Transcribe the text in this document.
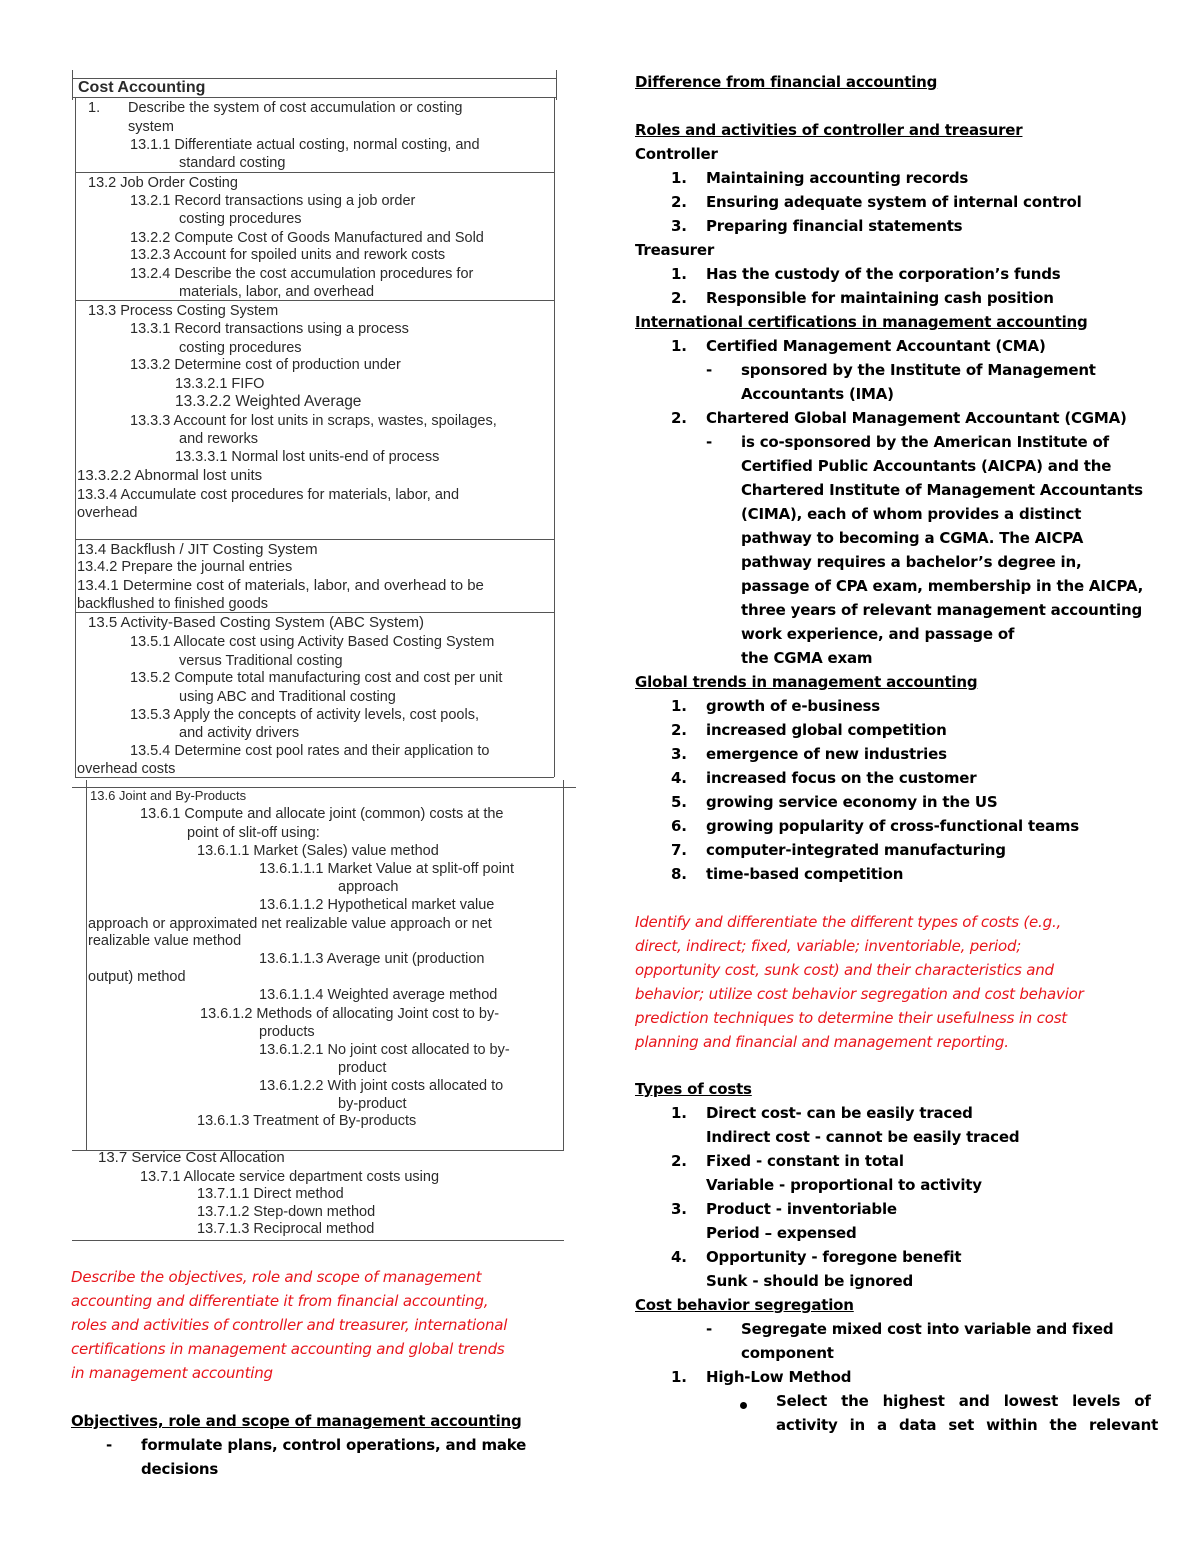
Cost Accounting
1. Describe the system of cost accumulation or costing
system
13.1.1 Differentiate actual costing, normal costing, and
standard costing
13.2 Job Order Costing
13.2.1 Record transactions using a job order
costing procedures
13.2.2 Compute Cost of Goods Manufactured and Sold
13.2.3 Account for spoiled units and rework costs
13.2.4 Describe the cost accumulation procedures for
materials, labor, and overhead
13.3 Process Costing System
13.3.1 Record transactions using a process
costing procedures
13.3.2 Determine cost of production under
13.3.2.1 FIFO
13.3.2.2 Weighted Average
13.3.3 Account for lost units in scraps, wastes, spoilages,
and reworks
13.3.3.1 Normal lost units-end of process
13.3.2.2 Abnormal lost units
13.3.4 Accumulate cost procedures for materials, labor, and
overhead
13.4 Backflush / JIT Costing System
13.4.2 Prepare the journal entries
13.4.1 Determine cost of materials, labor, and overhead to be
backflushed to finished goods
13.5 Activity-Based Costing System (ABC System)
13.5.1 Allocate cost using Activity Based Costing System
versus Traditional costing
13.5.2 Compute total manufacturing cost and cost per unit
using ABC and Traditional costing
13.5.3 Apply the concepts of activity levels, cost pools,
and activity drivers
13.5.4 Determine cost pool rates and their application to
overhead costs
13.6 Joint and By-Products
13.6.1 Compute and allocate joint (common) costs at the
point of slit-off using:
13.6.1.1 Market (Sales) value method
13.6.1.1.1 Market Value at split-off point
approach
13.6.1.1.2 Hypothetical market value
approach or approximated net realizable value approach or net
realizable value method
13.6.1.1.3 Average unit (production
output) method
13.6.1.1.4 Weighted average method
13.6.1.2 Methods of allocating Joint cost to by-
products
13.6.1.2.1 No joint cost allocated to by-
product
13.6.1.2.2 With joint costs allocated to
by-product
13.6.1.3 Treatment of By-products
13.7 Service Cost Allocation
13.7.1 Allocate service department costs using
13.7.1.1 Direct method
13.7.1.2 Step-down method
13.7.1.3 Reciprocal method
Describe the objectives, role and scope of management
accounting and differentiate it from financial accounting,
roles and activities of controller and treasurer, international
certifications in management accounting and global trends
in management accounting
Objectives, role and scope of management accounting
- formulate plans, control operations, and make
decisions
Difference from financial accounting
Roles and activities of controller and treasurer
Controller
1. Maintaining accounting records
2. Ensuring adequate system of internal control
3. Preparing financial statements
Treasurer
1. Has the custody of the corporation’s funds
2. Responsible for maintaining cash position
International certifications in management accounting
1. Certified Management Accountant (CMA)
- sponsored by the Institute of Management
Accountants (IMA)
2. Chartered Global Management Accountant (CGMA)
- is co-sponsored by the American Institute of
Certified Public Accountants (AICPA) and the
Chartered Institute of Management Accountants
(CIMA), each of whom provides a distinct
pathway to becoming a CGMA. The AICPA
pathway requires a bachelor’s degree in,
passage of CPA exam, membership in the AICPA,
three years of relevant management accounting
work experience, and passage of
the CGMA exam
Global trends in management accounting
1. growth of e-business
2. increased global competition
3. emergence of new industries
4. increased focus on the customer
5. growing service economy in the US
6. growing popularity of cross-functional teams
7. computer-integrated manufacturing
8. time-based competition
Identify and differentiate the different types of costs (e.g.,
direct, indirect; fixed, variable; inventoriable, period;
opportunity cost, sunk cost) and their characteristics and
behavior; utilize cost behavior segregation and cost behavior
prediction techniques to determine their usefulness in cost
planning and financial and management reporting.
Types of costs
1. Direct cost- can be easily traced
Indirect cost - cannot be easily traced
2. Fixed - constant in total
Variable - proportional to activity
3. Product - inventoriable
Period – expensed
4. Opportunity - foregone benefit
Sunk - should be ignored
Cost behavior segregation
- Segregate mixed cost into variable and fixed
component
1. High-Low Method
Select the highest and lowest levels of
activity in a data set within the relevant
